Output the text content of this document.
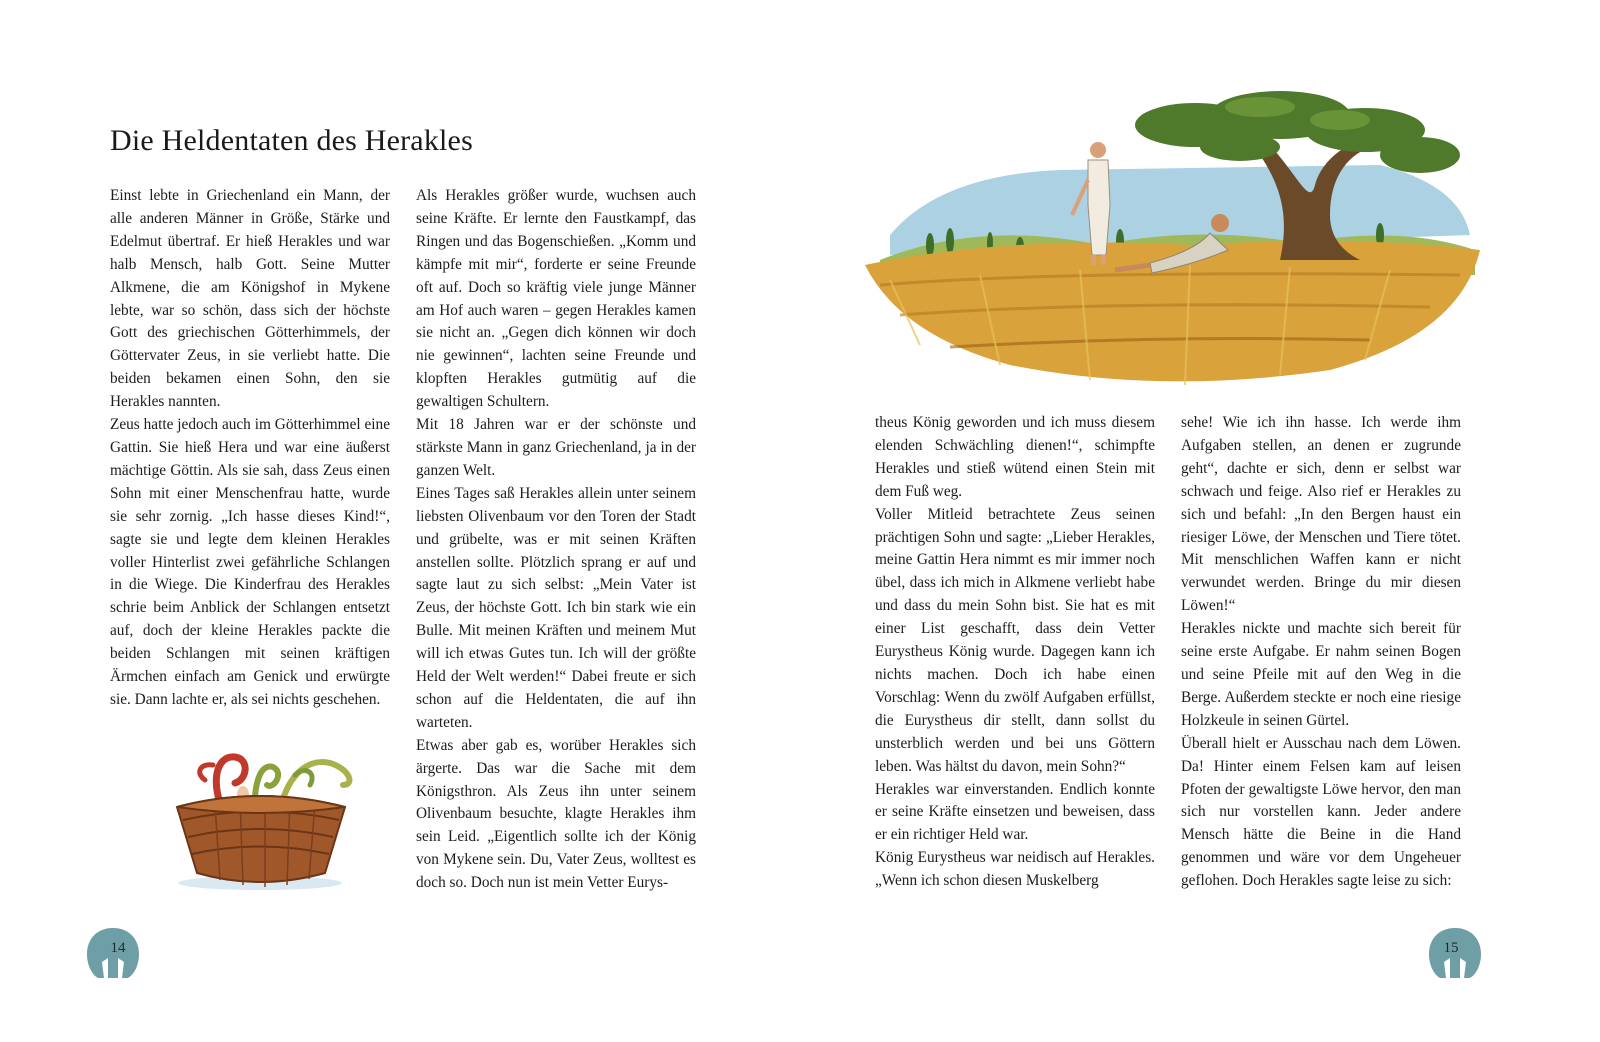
Die Heldentaten des Herakles

Einst lebte in Griechenland ein Mann, der alle anderen Männer in Größe, Stärke und Edelmut übertraf. Er hieß Herakles und war halb Mensch, halb Gott. Seine Mutter Alkmene, die am Königshof in Mykene lebte, war so schön, dass sich der höchste Gott des griechischen Götterhimmels, der Göttervater Zeus, in sie verliebt hatte. Die beiden bekamen einen Sohn, den sie Herakles nannten.

Zeus hatte jedoch auch im Götterhimmel eine Gattin. Sie hieß Hera und war eine äußerst mächtige Göttin. Als sie sah, dass Zeus einen Sohn mit einer Menschenfrau hatte, wurde sie sehr zornig. „Ich hasse dieses Kind!“, sagte sie und legte dem kleinen Herakles voller Hinterlist zwei gefährliche Schlangen in die Wiege. Die Kinderfrau des Herakles schrie beim Anblick der Schlangen entsetzt auf, doch der kleine Herakles packte die beiden Schlangen mit seinen kräftigen Ärmchen einfach am Genick und erwürgte sie. Dann lachte er, als sei nichts geschehen.

Als Herakles größer wurde, wuchsen auch seine Kräfte. Er lernte den Faustkampf, das Ringen und das Bogenschießen. „Komm und kämpfe mit mir“, forderte er seine Freunde oft auf. Doch so kräftig viele junge Männer am Hof auch waren – gegen Herakles kamen sie nicht an. „Gegen dich können wir doch nie gewinnen“, lachten seine Freunde und klopften Herakles gutmütig auf die gewaltigen Schultern.

Mit 18 Jahren war er der schönste und stärkste Mann in ganz Griechenland, ja in der ganzen Welt.

Eines Tages saß Herakles allein unter seinem liebsten Olivenbaum vor den Toren der Stadt und grübelte, was er mit seinen Kräften anstellen sollte. Plötzlich sprang er auf und sagte laut zu sich selbst: „Mein Vater ist Zeus, der höchste Gott. Ich bin stark wie ein Bulle. Mit meinen Kräften und meinem Mut will ich etwas Gutes tun. Ich will der größte Held der Welt werden!“ Dabei freute er sich schon auf die Heldentaten, die auf ihn warteten.

Etwas aber gab es, worüber Herakles sich ärgerte. Das war die Sache mit dem Königsthron. Als Zeus ihn unter seinem Olivenbaum besuchte, klagte Herakles ihm sein Leid. „Eigentlich sollte ich der König von Mykene sein. Du, Vater Zeus, wolltest es doch so. Doch nun ist mein Vetter Eurys-

14

theus König geworden und ich muss diesem elenden Schwächling dienen!“, schimpfte Herakles und stieß wütend einen Stein mit dem Fuß weg.

Voller Mitleid betrachtete Zeus seinen prächtigen Sohn und sagte: „Lieber Herakles, meine Gattin Hera nimmt es mir immer noch übel, dass ich mich in Alkmene verliebt habe und dass du mein Sohn bist. Sie hat es mit einer List geschafft, dass dein Vetter Eurystheus König wurde. Dagegen kann ich nichts machen. Doch ich habe einen Vorschlag: Wenn du zwölf Aufgaben erfüllst, die Eurystheus dir stellt, dann sollst du unsterblich werden und bei uns Göttern leben. Was hältst du davon, mein Sohn?“

Herakles war einverstanden. Endlich konnte er seine Kräfte einsetzen und beweisen, dass er ein richtiger Held war.

König Eurystheus war neidisch auf Herakles. „Wenn ich schon diesen Muskelberg

sehe! Wie ich ihn hasse. Ich werde ihm Aufgaben stellen, an denen er zugrunde geht“, dachte er sich, denn er selbst war schwach und feige. Also rief er Herakles zu sich und befahl: „In den Bergen haust ein riesiger Löwe, der Menschen und Tiere tötet. Mit menschlichen Waffen kann er nicht verwundet werden. Bringe du mir diesen Löwen!“

Herakles nickte und machte sich bereit für seine erste Aufgabe. Er nahm seinen Bogen und seine Pfeile mit auf den Weg in die Berge. Außerdem steckte er noch eine riesige Holzkeule in seinen Gürtel.

Überall hielt er Ausschau nach dem Löwen. Da! Hinter einem Felsen kam auf leisen Pfoten der gewaltigste Löwe hervor, den man sich nur vorstellen kann. Jeder andere Mensch hätte die Beine in die Hand genommen und wäre vor dem Ungeheuer geflohen. Doch Herakles sagte leise zu sich:

15
